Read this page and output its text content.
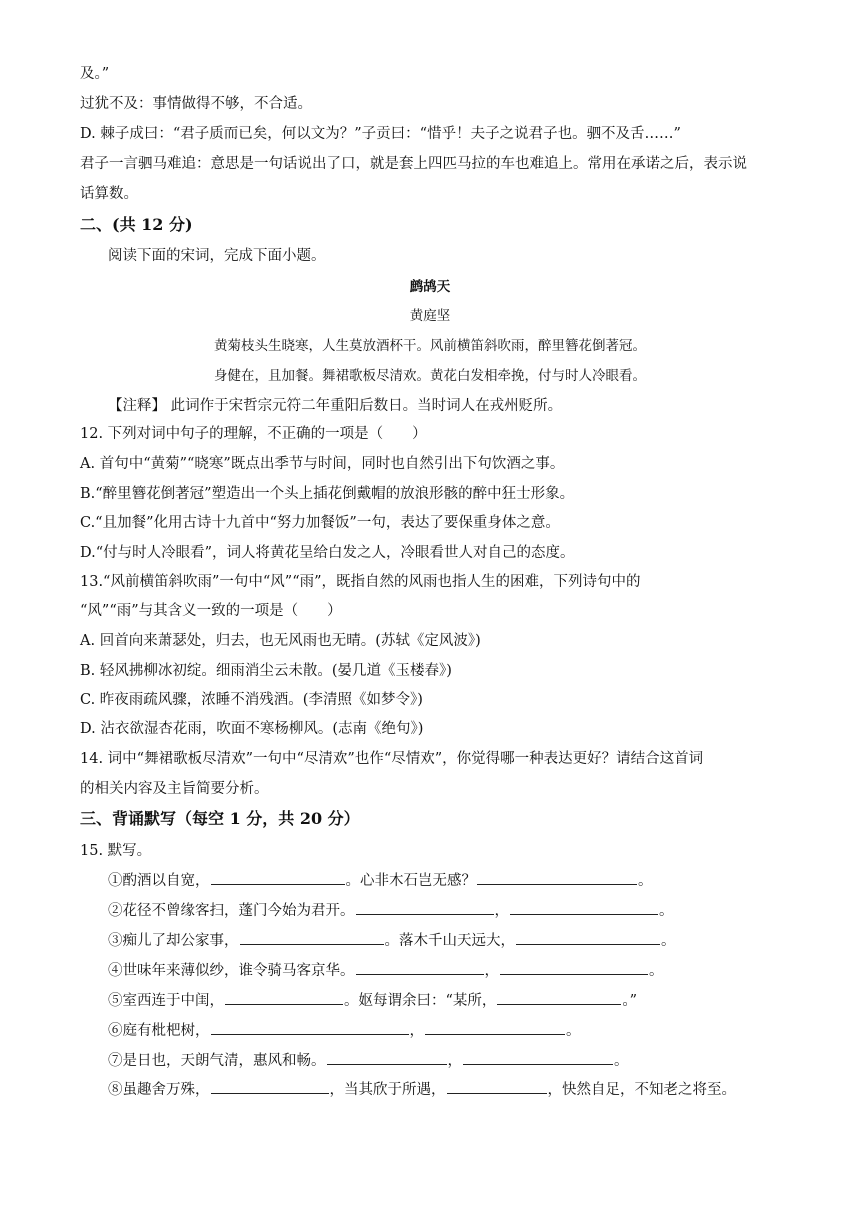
及。”
过犹不及：事情做得不够，不合适。
D. 棘子成曰：“君子质而已矣，何以文为？”子贡曰：“惜乎！夫子之说君子也。驷不及舌……”
君子一言驷马难追：意思是一句话说出了口，就是套上四匹马拉的车也难追上。常用在承诺之后，表示说
话算数。
二、(共 12 分)
阅读下面的宋词，完成下面小题。
鹧鸪天
黄庭坚
黄菊枝头生晓寒，人生莫放酒杯干。风前横笛斜吹雨，醉里簪花倒著冠。
身健在，且加餐。舞裙歌板尽清欢。黄花白发相牵挽，付与时人冷眼看。
【注释】 此词作于宋哲宗元符二年重阳后数日。当时词人在戎州贬所。
12. 下列对词中句子的理解，不正确的一项是（　　）
A. 首句中“黄菊”“晓寒”既点出季节与时间，同时也自然引出下句饮酒之事。
B.“醉里簪花倒著冠”塑造出一个头上插花倒戴帽的放浪形骸的醉中狂士形象。
C.“且加餐”化用古诗十九首中“努力加餐饭”一句，表达了要保重身体之意。
D.“付与时人冷眼看”，词人将黄花呈给白发之人，冷眼看世人对自己的态度。
13.“风前横笛斜吹雨”一句中“风”“雨”，既指自然的风雨也指人生的困难，下列诗句中的
“风”“雨”与其含义一致的一项是（　　）
A. 回首向来萧瑟处，归去，也无风雨也无晴。(苏轼《定风波》)
B. 轻风拂柳冰初绽。细雨消尘云未散。(晏几道《玉楼春》)
C. 昨夜雨疏风骤，浓睡不消残酒。(李清照《如梦令》)
D. 沾衣欲湿杏花雨，吹面不寒杨柳风。(志南《绝句》)
14. 词中“舞裙歌板尽清欢”一句中“尽清欢”也作“尽情欢”，你觉得哪一种表达更好？请结合这首词
的相关内容及主旨简要分析。
三、背诵默写（每空 1 分，共 20 分）
15. 默写。
①酌酒以自宽，	。心非木石岂无感？	。
②花径不曾缘客扫，蓬门今始为君开。	，	。
③痴儿了却公家事，	。落木千山天远大，	。
④世味年来薄似纱，谁令骑马客京华。	，	。
⑤室西连于中闺，	。妪每谓余曰：“某所，	。”
⑥庭有枇杷树，	，	。
⑦是日也，天朗气清，惠风和畅。	，	。
⑧虽趣舍万殊，	，当其欣于所遇，	，快然自足，不知老之将至。
